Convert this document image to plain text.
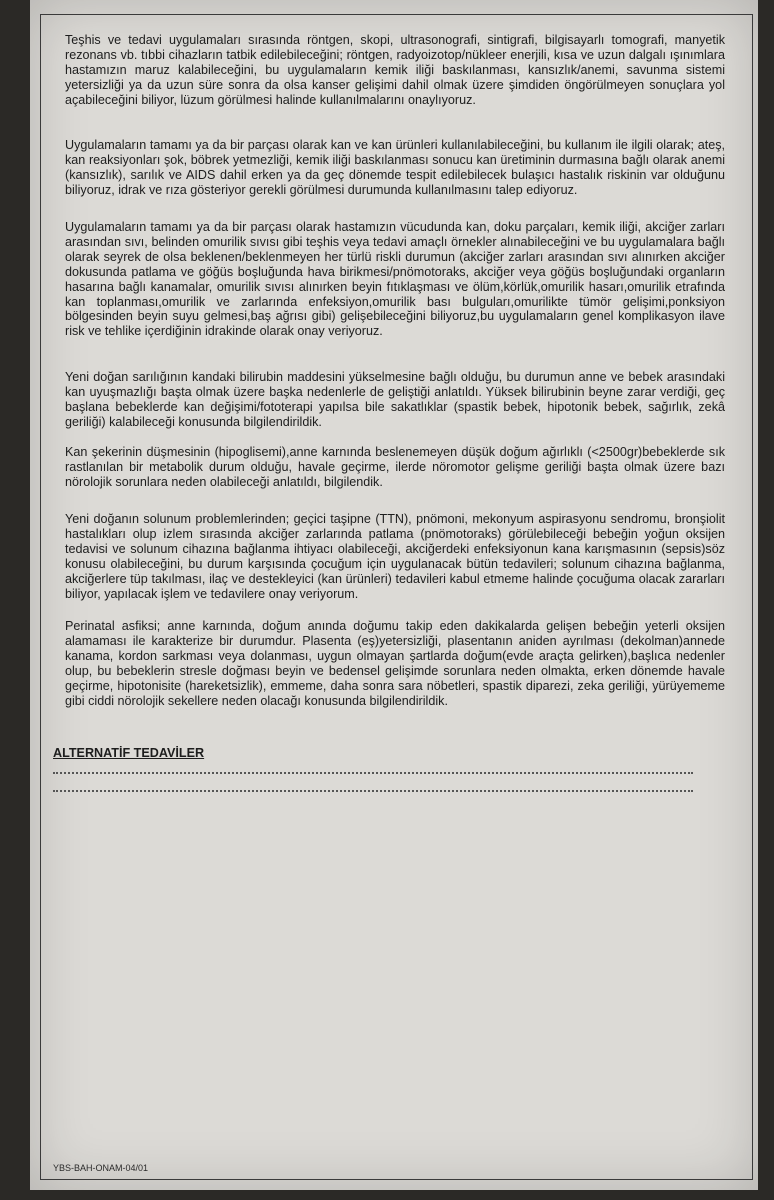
Teşhis ve tedavi uygulamaları sırasında röntgen, skopi, ultrasonografi, sintigrafi, bilgisayarlı tomografi, manyetik rezonans vb. tıbbi cihazların tatbik edilebileceğini; röntgen, radyoizotop/nükleer enerjili, kısa ve uzun dalgalı ışınımlara hastamızın maruz kalabileceğini, bu uygulamaların kemik iliği baskılanması, kansızlık/anemi, savunma sistemi yetersizliği ya da uzun süre sonra da olsa kanser gelişimi dahil olmak üzere şimdiden öngörülmeyen sonuçlara yol açabileceğini biliyor, lüzum görülmesi halinde kullanılmalarını onaylıyoruz.

Uygulamaların tamamı ya da bir parçası olarak kan ve kan ürünleri kullanılabileceğini, bu kullanım ile ilgili olarak; ateş, kan reaksiyonları şok, böbrek yetmezliği, kemik iliği baskılanması sonucu kan üretiminin durmasına bağlı olarak anemi (kansızlık), sarılık ve AIDS dahil erken ya da geç dönemde tespit edilebilecek bulaşıcı hastalık riskinin var olduğunu biliyoruz, idrak ve rıza gösteriyor gerekli görülmesi durumunda kullanılmasını talep ediyoruz.

Uygulamaların tamamı ya da bir parçası olarak hastamızın vücudunda kan, doku parçaları, kemik iliği, akciğer zarları arasından sıvı, belinden omurilik sıvısı gibi teşhis veya tedavi amaçlı örnekler alınabileceğini ve bu uygulamalara bağlı olarak seyrek de olsa beklenen/beklenmeyen her türlü riskli durumun (akciğer zarları arasından sıvı alınırken akciğer dokusunda patlama ve göğüs boşluğunda hava birikmesi/pnömotoraks, akciğer veya göğüs boşluğundaki organların hasarına bağlı kanamalar, omurilik sıvısı alınırken beyin fıtıklaşması ve ölüm,körlük,omurilik hasarı,omurilik etrafında kan toplanması,omurilik ve zarlarında enfeksiyon,omurilik bası bulguları,omurilikte tümör gelişimi,ponksiyon bölgesinden beyin suyu gelmesi,baş ağrısı gibi) gelişebileceğini biliyoruz,bu uygulamaların genel komplikasyon ilave risk ve tehlike içerdiğinin idrakinde olarak onay veriyoruz.

Yeni doğan sarılığının kandaki bilirubin maddesini yükselmesine bağlı olduğu, bu durumun anne ve bebek arasındaki kan uyuşmazlığı başta olmak üzere başka nedenlerle de geliştiği anlatıldı. Yüksek bilirubinin beyne zarar verdiği, geç başlana bebeklerde kan değişimi/fototerapi yapılsa bile sakatlıklar (spastik bebek, hipotonik bebek, sağırlık, zekâ geriliği) kalabileceği konusunda bilgilendirildik.

Kan şekerinin düşmesinin (hipoglisemi),anne karnında beslenemeyen düşük doğum ağırlıklı (<2500gr)bebeklerde sık rastlanılan bir metabolik durum olduğu, havale geçirme, ilerde nöromotor gelişme geriliği başta olmak üzere bazı nörolojik sorunlara neden olabileceği anlatıldı, bilgilendik.

Yeni doğanın solunum problemlerinden; geçici taşipne (TTN), pnömoni, mekonyum aspirasyonu sendromu, bronşiolit hastalıkları olup izlem sırasında akciğer zarlarında patlama (pnömotoraks) görülebileceği bebeğin yoğun oksijen tedavisi ve solunum cihazına bağlanma ihtiyacı olabileceği, akciğerdeki enfeksiyonun kana karışmasının (sepsis)söz konusu olabileceğini, bu durum karşısında çocuğum için uygulanacak bütün tedavileri; solunum cihazına bağlanma, akciğerlere tüp takılması, ilaç ve destekleyici (kan ürünleri) tedavileri kabul etmeme halinde çocuğuma olacak zararları biliyor, yapılacak işlem ve tedavilere onay veriyorum.

Perinatal asfiksi; anne karnında, doğum anında doğumu takip eden dakikalarda gelişen bebeğin yeterli oksijen alamaması ile karakterize bir durumdur. Plasenta (eş)yetersizliği, plasentanın aniden ayrılması (dekolman)annede kanama, kordon sarkması veya dolanması, uygun olmayan şartlarda doğum(evde araçta gelirken),başlıca nedenler olup, bu bebeklerin stresle doğması beyin ve bedensel gelişimde sorunlara neden olmakta, erken dönemde havale geçirme, hipotonisite (hareketsizlik), emmeme, daha sonra sara nöbetleri, spastik diparezi, zeka geriliği, yürüyememe gibi ciddi nörolojik sekellere neden olacağı konusunda bilgilendirildik.

ALTERNATİF TEDAVİLER
YBS-BAH-ONAM-04/01
